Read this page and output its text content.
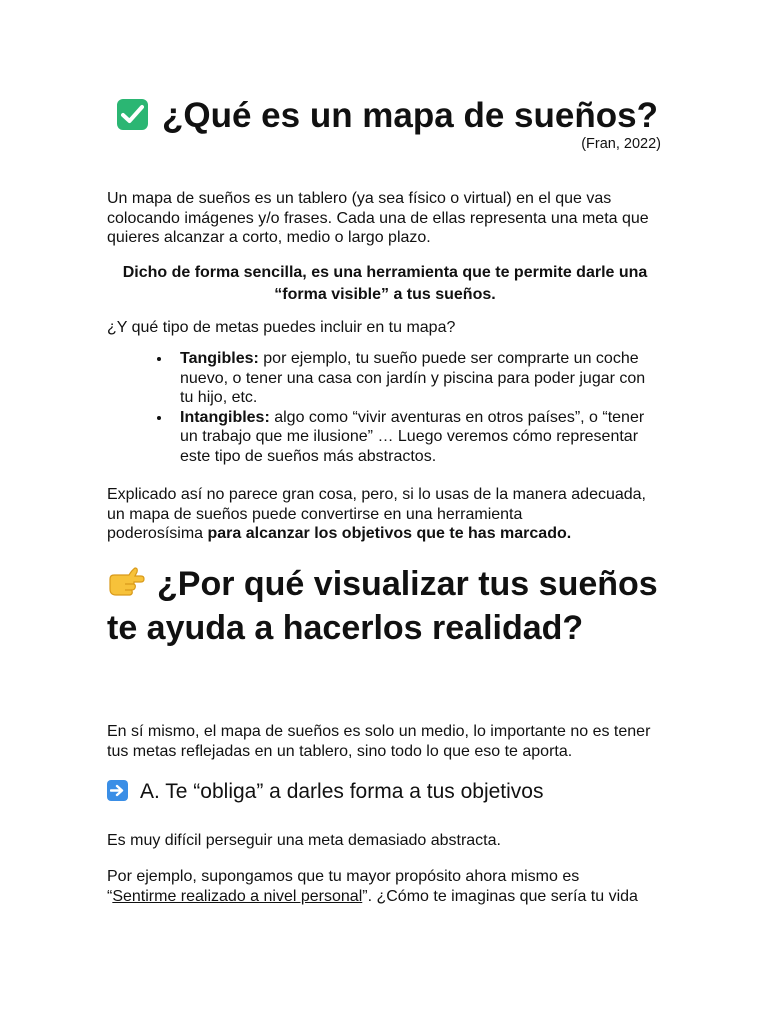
¿Qué es un mapa de sueños?
(Fran, 2022)
Un mapa de sueños es un tablero (ya sea físico o virtual) en el que vas colocando imágenes y/o frases. Cada una de ellas representa una meta que quieres alcanzar a corto, medio o largo plazo.
Dicho de forma sencilla, es una herramienta que te permite darle una
“forma visible” a tus sueños.
¿Y qué tipo de metas puedes incluir en tu mapa?
Tangibles: por ejemplo, tu sueño puede ser comprarte un coche nuevo, o tener una casa con jardín y piscina para poder jugar con tu hijo, etc.
Intangibles: algo como “vivir aventuras en otros países”, o “tener un trabajo que me ilusione” … Luego veremos cómo representar este tipo de sueños más abstractos.
Explicado así no parece gran cosa, pero, si lo usas de la manera adecuada,
un mapa de sueños puede convertirse en una herramienta
poderosísima para alcanzar los objetivos que te has marcado.
¿Por qué visualizar tus sueños te ayuda a hacerlos realidad?
En sí mismo, el mapa de sueños es solo un medio, lo importante no es tener tus metas reflejadas en un tablero, sino todo lo que eso te aporta.
A. Te “obliga” a darles forma a tus objetivos
Es muy difícil perseguir una meta demasiado abstracta.
Por ejemplo, supongamos que tu mayor propósito ahora mismo es
“Sentirme realizado a nivel personal”. ¿Cómo te imaginas que sería tu vida
